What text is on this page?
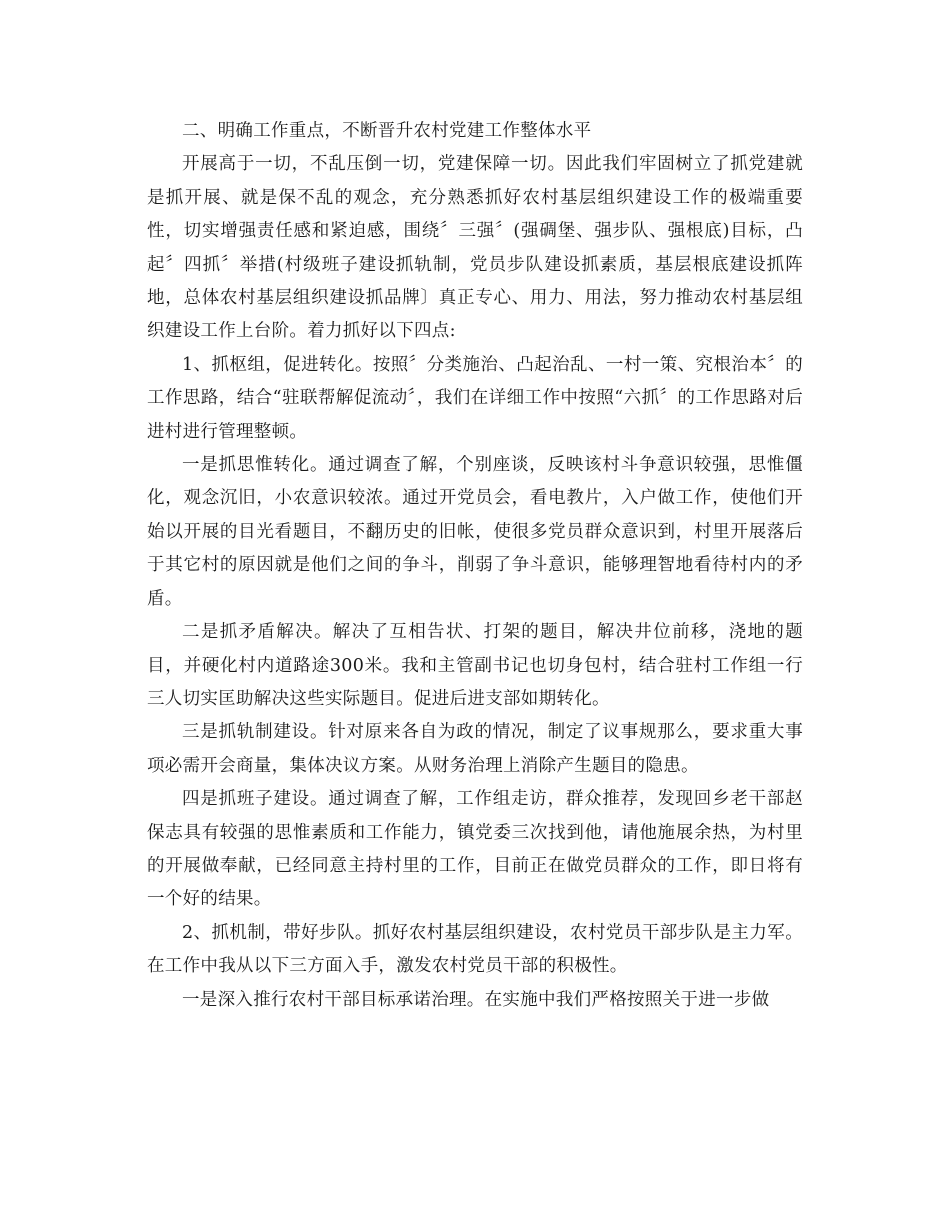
二、明确工作重点，不断晋升农村党建工作整体水平

开展高于一切，不乱压倒一切，党建保障一切。因此我们牢固树立了抓党建就是抓开展、就是保不乱的观念，充分熟悉抓好农村基层组织建设工作的极端重要性，切实增强责任感和紧迫感，围绕〞三强〞(强碉堡、强步队、强根底)目标，凸起〞四抓〞举措(村级班子建设抓轨制，党员步队建设抓素质，基层根底建设抓阵地，总体农村基层组织建设抓品牌〕真正专心、用力、用法，努力推动农村基层组织建设工作上台阶。着力抓好以下四点:

1、抓枢组，促进转化。按照〞分类施治、凸起治乱、一村一策、究根治本〞的工作思路，结合“驻联帮解促流动〞，我们在详细工作中按照“六抓〞的工作思路对后进村进行管理整顿。

一是抓思惟转化。通过调查了解，个别座谈，反映该村斗争意识较强，思惟僵化，观念沉旧，小农意识较浓。通过开党员会，看电教片，入户做工作，使他们开始以开展的目光看题目，不翻历史的旧帐，使很多党员群众意识到，村里开展落后于其它村的原因就是他们之间的争斗，削弱了争斗意识，能够理智地看待村内的矛盾。

二是抓矛盾解决。解决了互相告状、打架的题目，解决井位前移，浇地的题目，并硬化村内道路途300米。我和主管副书记也切身包村，结合驻村工作组一行三人切实匡助解决这些实际题目。促进后进支部如期转化。

三是抓轨制建设。针对原来各自为政的情况，制定了议事规那么，要求重大事项必需开会商量，集体决议方案。从财务治理上消除产生题目的隐患。

四是抓班子建设。通过调查了解，工作组走访，群众推荐，发现回乡老干部赵保志具有较强的思惟素质和工作能力，镇党委三次找到他，请他施展余热，为村里的开展做奉献，已经同意主持村里的工作，目前正在做党员群众的工作，即日将有一个好的结果。

2、抓机制，带好步队。抓好农村基层组织建设，农村党员干部步队是主力军。在工作中我从以下三方面入手，激发农村党员干部的积极性。

一是深入推行农村干部目标承诺治理。在实施中我们严格按照关于进一步做
